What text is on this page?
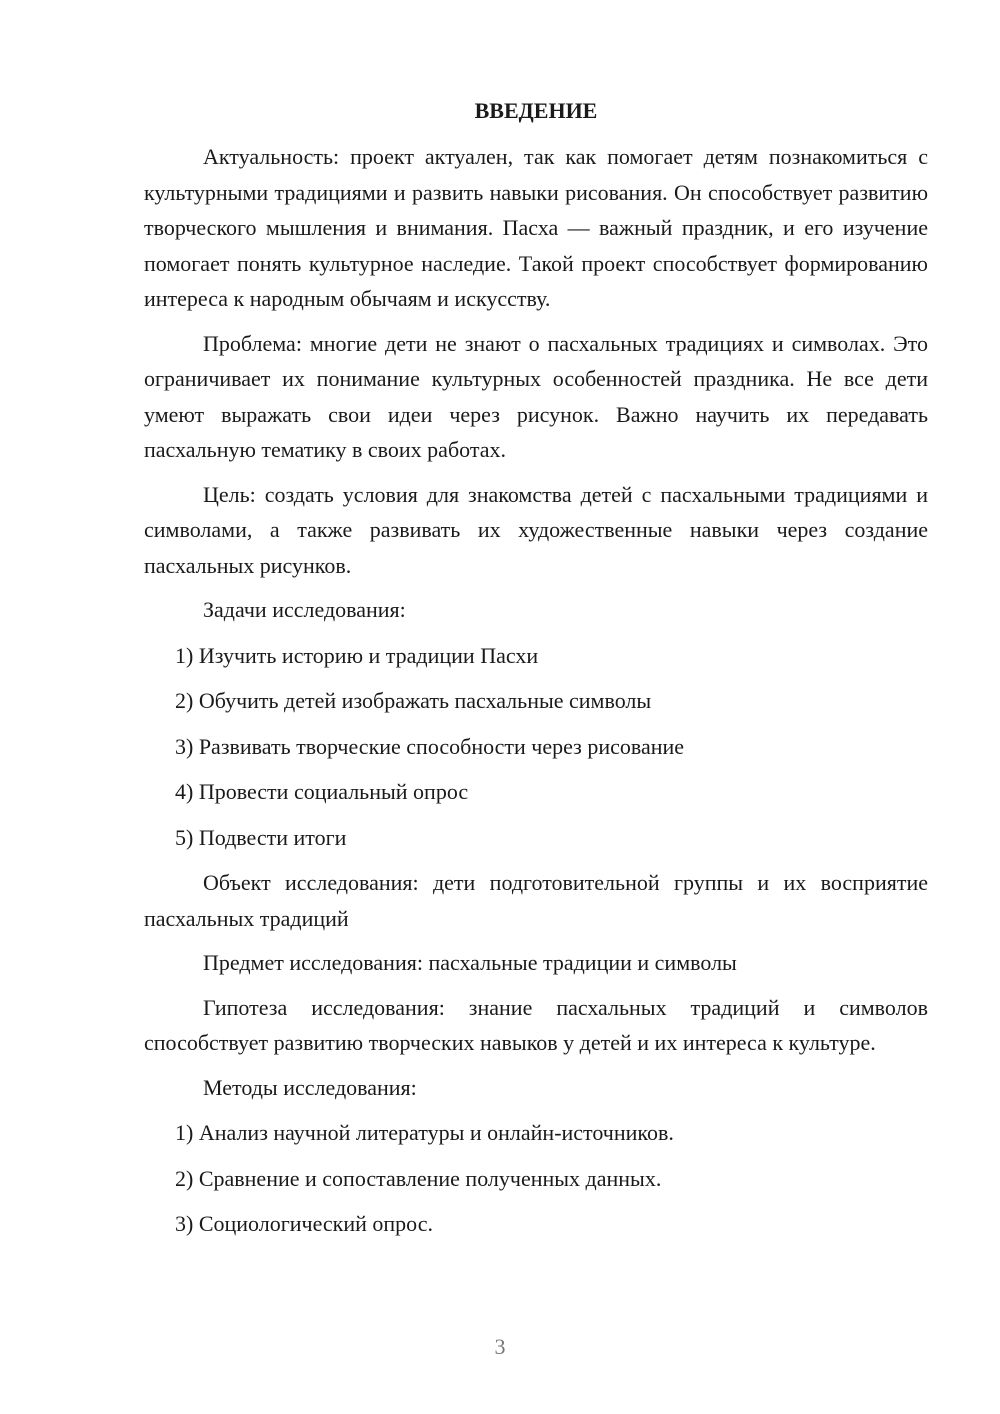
ВВЕДЕНИЕ

Актуальность: проект актуален, так как помогает детям познакомиться с культурными традициями и развить навыки рисования. Он способствует развитию творческого мышления и внимания. Пасха — важный праздник, и его изучение помогает понять культурное наследие. Такой проект способствует формированию интереса к народным обычаям и искусству.

Проблема: многие дети не знают о пасхальных традициях и символах. Это ограничивает их понимание культурных особенностей праздника. Не все дети умеют выражать свои идеи через рисунок. Важно научить их передавать пасхальную тематику в своих работах.

Цель: создать условия для знакомства детей с пасхальными традициями и символами, а также развивать их художественные навыки через создание пасхальных рисунков.

Задачи исследования:

1) Изучить историю и традиции Пасхи
2) Обучить детей изображать пасхальные символы
3) Развивать творческие способности через рисование
4) Провести социальный опрос
5) Подвести итоги

Объект исследования: дети подготовительной группы и их восприятие пасхальных традиций

Предмет исследования: пасхальные традиции и символы

Гипотеза исследования: знание пасхальных традиций и символов способствует развитию творческих навыков у детей и их интереса к культуре.

Методы исследования:

1) Анализ научной литературы и онлайн-источников.
2) Сравнение и сопоставление полученных данных.
3) Социологический опрос.
3
